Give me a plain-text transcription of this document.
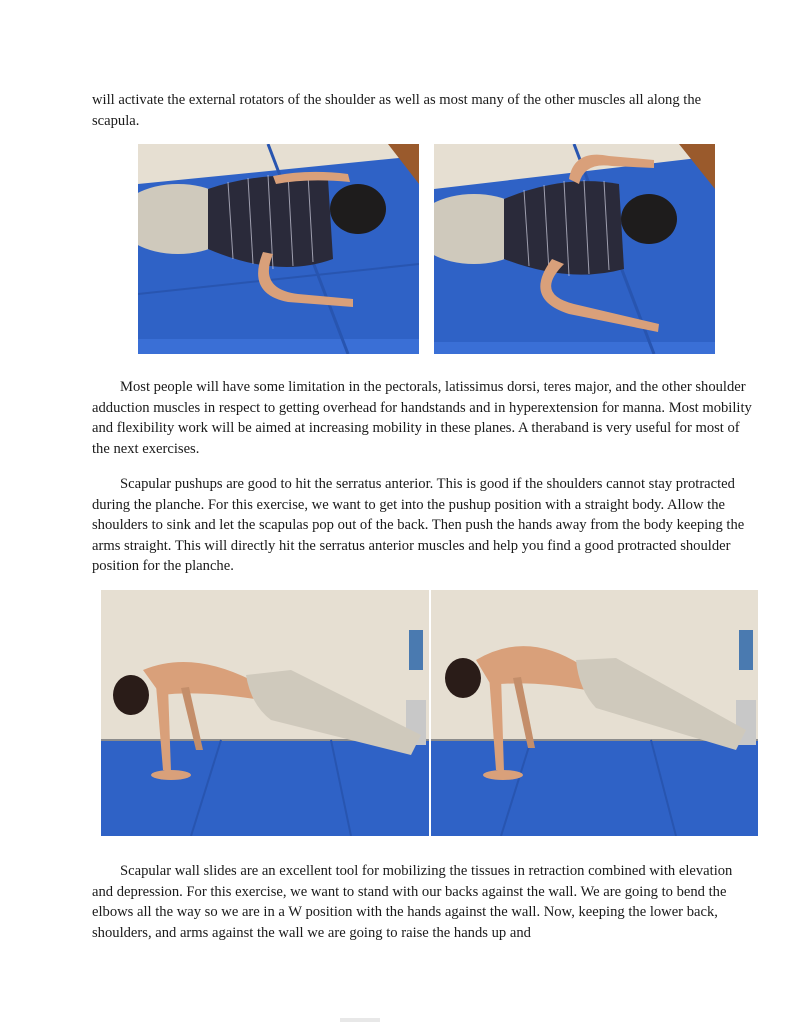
will activate the external rotators of the shoulder as well as most many of the other muscles all along the scapula.

Most people will have some limitation in the pectorals, latissimus dorsi, teres major, and the other shoulder adduction muscles in respect to getting overhead for handstands and in hyperextension for manna. Most mobility and flexibility work will be aimed at increasing mobility in these planes. A theraband is very useful for most of the next exercises.

Scapular pushups are good to hit the serratus anterior. This is good if the shoulders cannot stay protracted during the planche. For this exercise, we want to get into the pushup position with a straight body. Allow the shoulders to sink and let the scapulas pop out of the back. Then push the hands away from the body keeping the arms straight. This will directly hit the serratus anterior muscles and help you find a good protracted shoulder position for the planche.

Scapular wall slides are an excellent tool for mobilizing the tissues in retraction combined with elevation and depression. For this exercise, we want to stand with our backs against the wall. We are going to bend the elbows all the way so we are in a W position with the hands against the wall. Now, keeping the lower back, shoulders, and arms against the wall we are going to raise the hands up and
